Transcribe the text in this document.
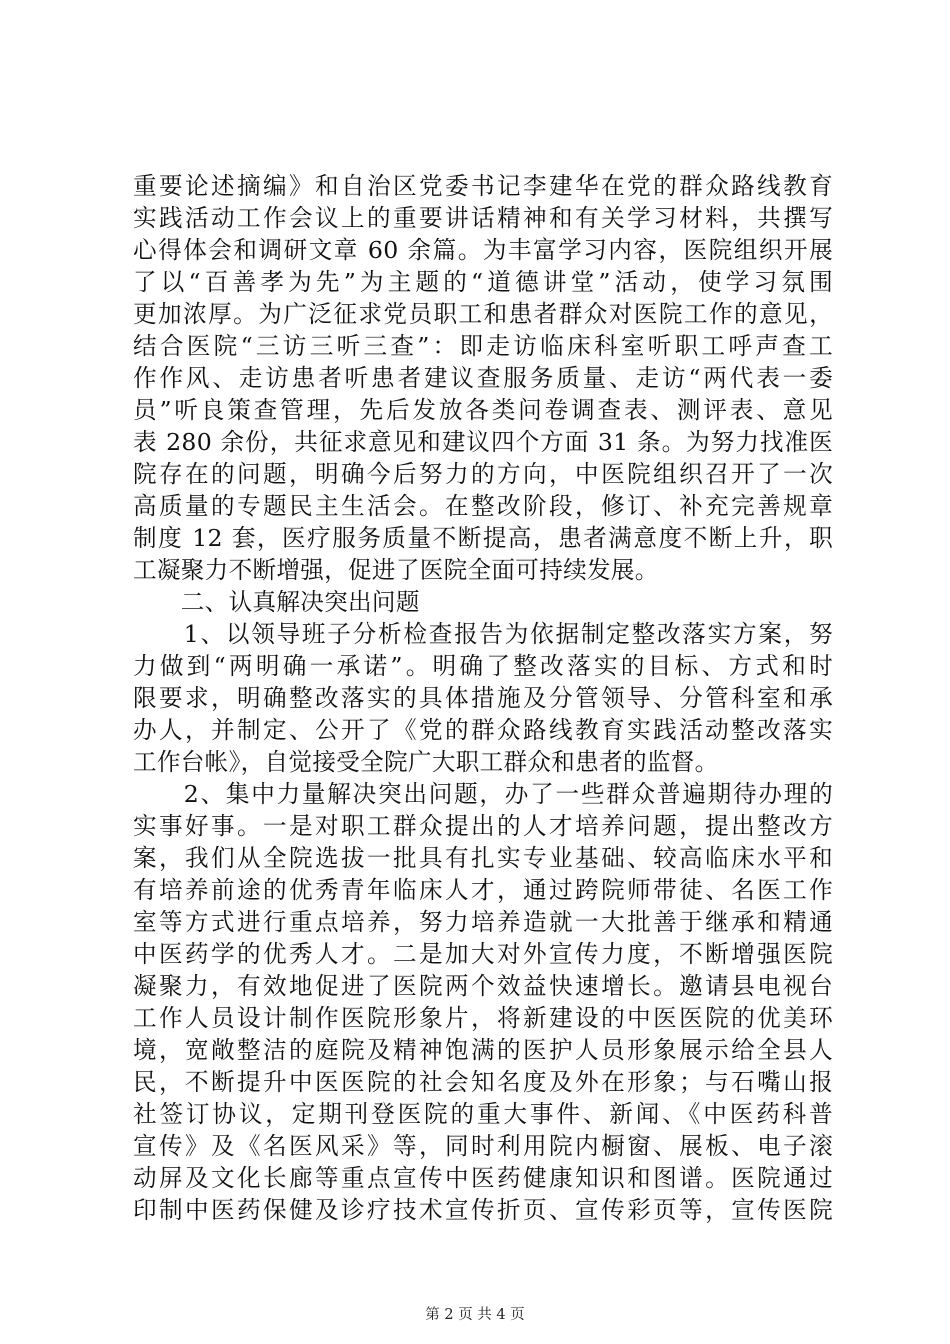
重要论述摘编》和自治区党委书记李建华在党的群众路线教育
实践活动工作会议上的重要讲话精神和有关学习材料，共撰写
心得体会和调研文章 60 余篇。为丰富学习内容，医院组织开展
了以“百善孝为先”为主题的“道德讲堂”活动，使学习氛围
更加浓厚。为广泛征求党员职工和患者群众对医院工作的意见，
结合医院“三访三听三查”：即走访临床科室听职工呼声查工
作作风、走访患者听患者建议查服务质量、走访“两代表一委
员”听良策查管理，先后发放各类问卷调查表、测评表、意见
表 280 余份，共征求意见和建议四个方面 31 条。为努力找准医
院存在的问题，明确今后努力的方向，中医院组织召开了一次
高质量的专题民主生活会。在整改阶段，修订、补充完善规章
制度 12 套，医疗服务质量不断提高，患者满意度不断上升，职
工凝聚力不断增强，促进了医院全面可持续发展。
　　二、认真解决突出问题
　　1、以领导班子分析检查报告为依据制定整改落实方案，努
力做到“两明确一承诺”。明确了整改落实的目标、方式和时
限要求，明确整改落实的具体措施及分管领导、分管科室和承
办人，并制定、公开了《党的群众路线教育实践活动整改落实
工作台帐》，自觉接受全院广大职工群众和患者的监督。
　　2、集中力量解决突出问题，办了一些群众普遍期待办理的
实事好事。一是对职工群众提出的人才培养问题，提出整改方
案，我们从全院选拔一批具有扎实专业基础、较高临床水平和
有培养前途的优秀青年临床人才，通过跨院师带徒、名医工作
室等方式进行重点培养，努力培养造就一大批善于继承和精通
中医药学的优秀人才。二是加大对外宣传力度，不断增强医院
凝聚力，有效地促进了医院两个效益快速增长。邀请县电视台
工作人员设计制作医院形象片，将新建设的中医医院的优美环
境，宽敞整洁的庭院及精神饱满的医护人员形象展示给全县人
民，不断提升中医医院的社会知名度及外在形象；与石嘴山报
社签订协议，定期刊登医院的重大事件、新闻、《中医药科普
宣传》及《名医风采》等，同时利用院内橱窗、展板、电子滚
动屏及文化长廊等重点宣传中医药健康知识和图谱。医院通过
印制中医药保健及诊疗技术宣传折页、宣传彩页等，宣传医院
第 2 页 共 4 页
